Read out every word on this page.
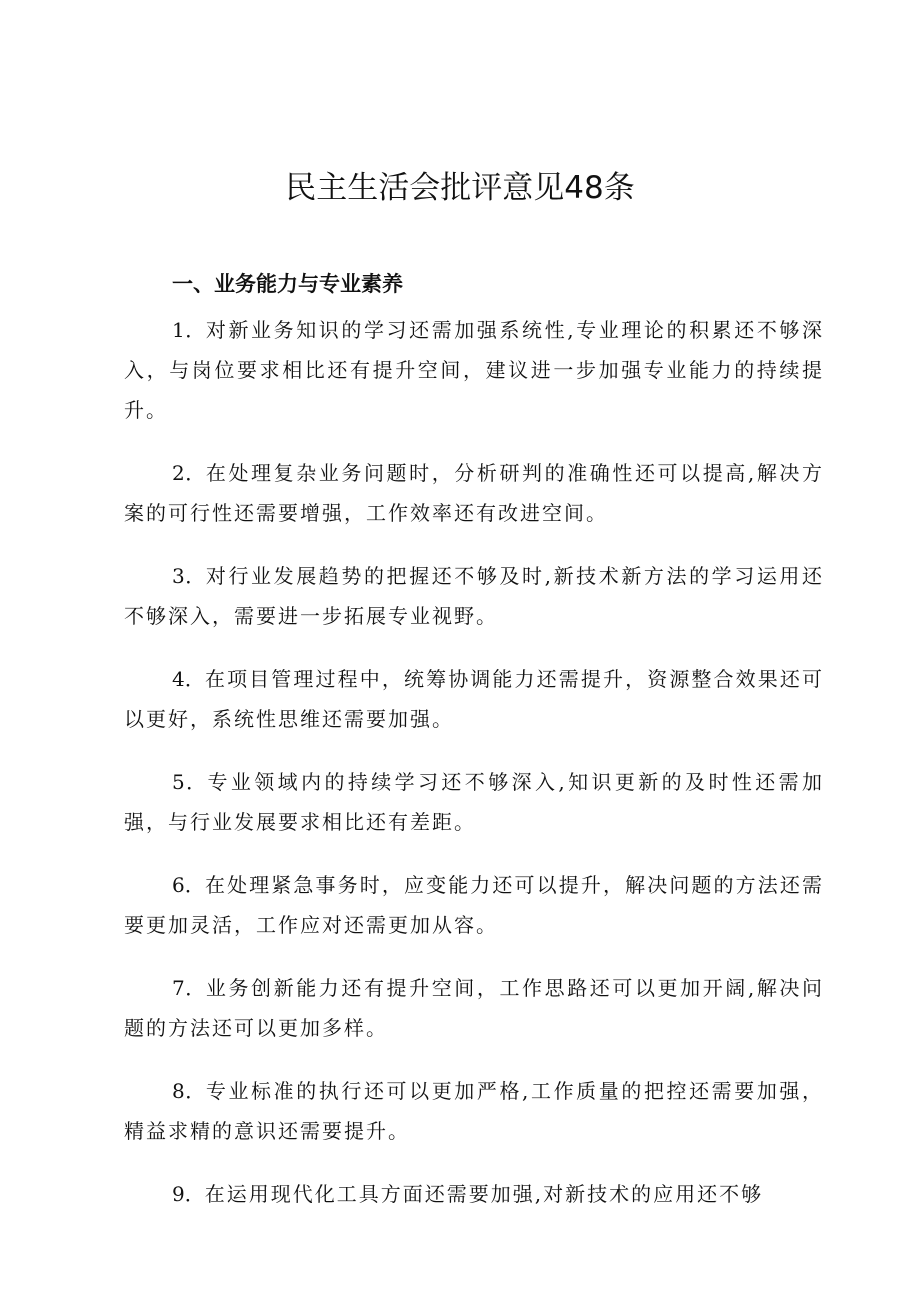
民主生活会批评意见48条
一、业务能力与专业素养

1．对新业务知识的学习还需加强系统性,专业理论的积累还不够深入，与岗位要求相比还有提升空间，建议进一步加强专业能力的持续提升。

2．在处理复杂业务问题时，分析研判的准确性还可以提高,解决方案的可行性还需要增强，工作效率还有改进空间。

3．对行业发展趋势的把握还不够及时,新技术新方法的学习运用还不够深入，需要进一步拓展专业视野。

4．在项目管理过程中，统筹协调能力还需提升，资源整合效果还可以更好，系统性思维还需要加强。

5．专业领域内的持续学习还不够深入,知识更新的及时性还需加强，与行业发展要求相比还有差距。

6．在处理紧急事务时，应变能力还可以提升，解决问题的方法还需要更加灵活，工作应对还需更加从容。

7．业务创新能力还有提升空间，工作思路还可以更加开阔,解决问题的方法还可以更加多样。

8．专业标准的执行还可以更加严格,工作质量的把控还需要加强，精益求精的意识还需要提升。

9．在运用现代化工具方面还需要加强,对新技术的应用还不够
